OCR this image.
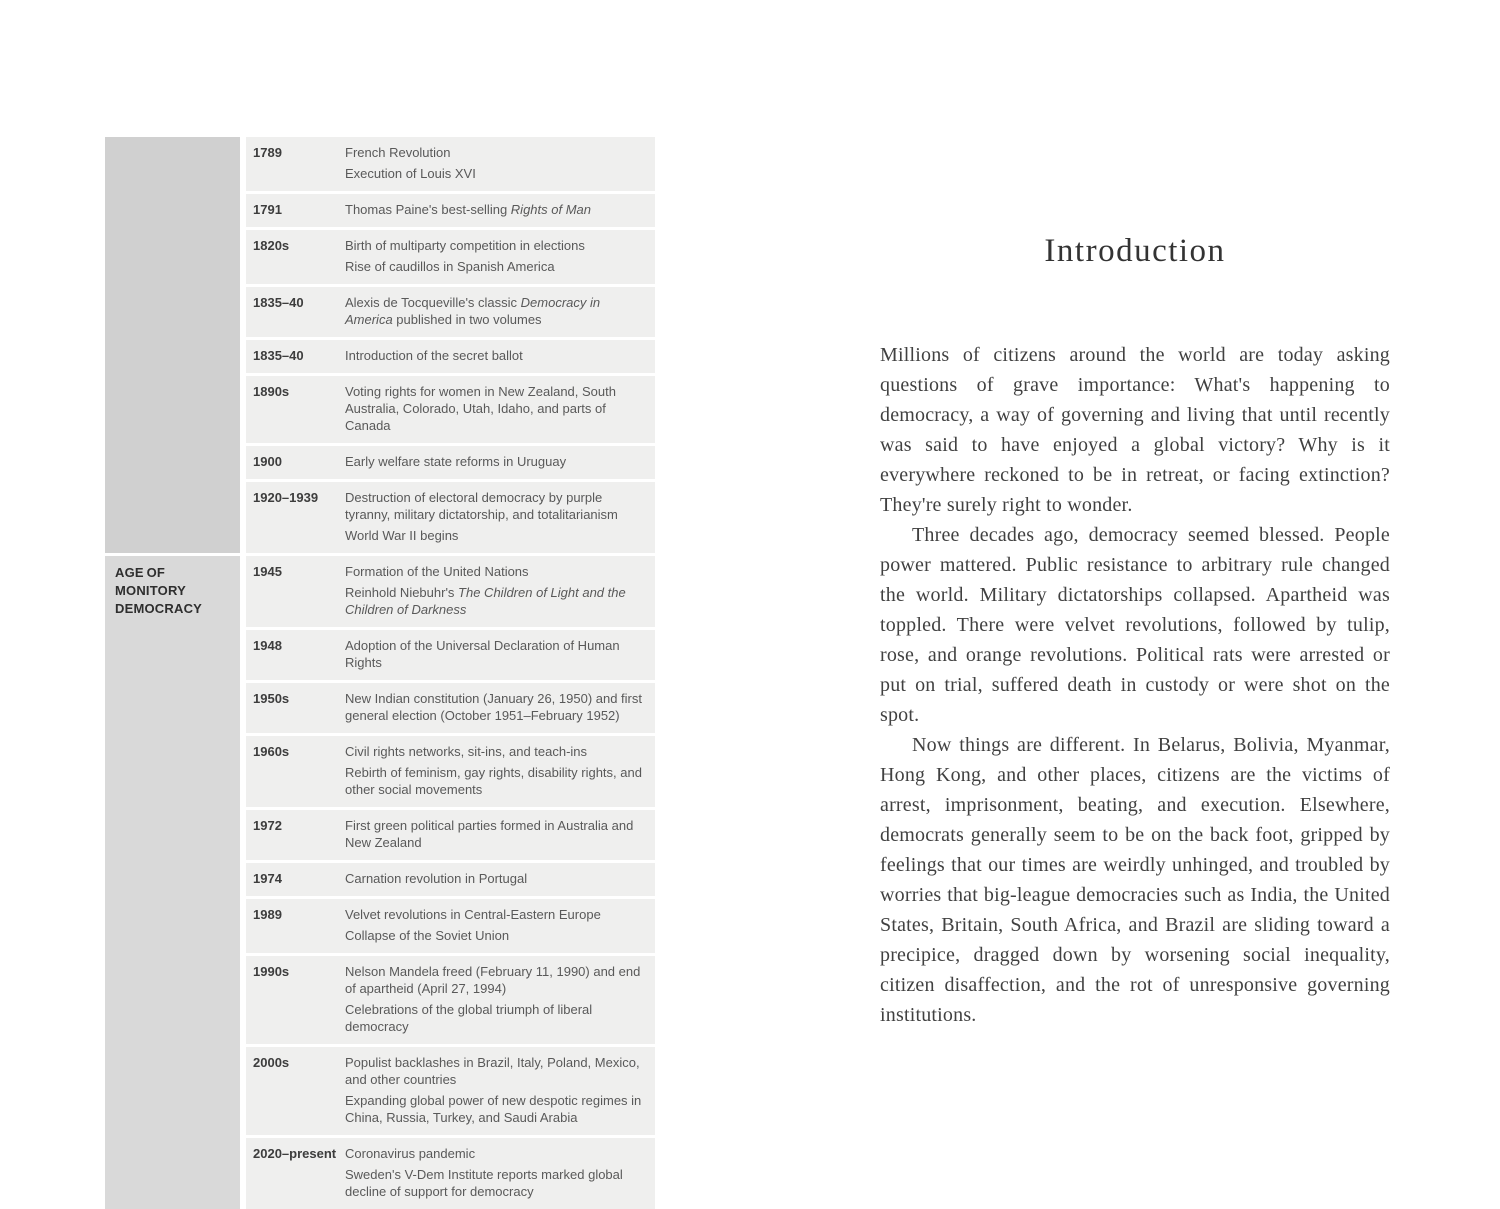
AGE OF MONITORY DEMOCRACY
1789	French Revolution

Execution of Louis XVI

1791	Thomas Paine's best-selling Rights of Man

1820s	Birth of multiparty competition in elections

Rise of caudillos in Spanish America

1835–40	Alexis de Tocqueville's classic Democracy in America published in two volumes

1835–40	Introduction of the secret ballot

1890s	Voting rights for women in New Zealand, South Australia, Colorado, Utah, Idaho, and parts of Canada

1900	Early welfare state reforms in Uruguay

1920–1939	Destruction of electoral democracy by purple tyranny, military dictatorship, and totalitarianism

World War II begins

1945	Formation of the United Nations

Reinhold Niebuhr's The Children of Light and the Children of Darkness

1948	Adoption of the Universal Declaration of Human Rights

1950s	New Indian constitution (January 26, 1950) and first general election (October 1951–February 1952)

1960s	Civil rights networks, sit-ins, and teach-ins

Rebirth of feminism, gay rights, disability rights, and other social movements

1972	First green political parties formed in Australia and New Zealand

1974	Carnation revolution in Portugal

1989	Velvet revolutions in Central-Eastern Europe

Collapse of the Soviet Union

1990s	Nelson Mandela freed (February 11, 1990) and end of apartheid (April 27, 1994)

Celebrations of the global triumph of liberal democracy

2000s	Populist backlashes in Brazil, Italy, Poland, Mexico, and other countries

Expanding global power of new despotic regimes in China, Russia, Turkey, and Saudi Arabia

2020–present Coronavirus pandemic

Sweden's V-Dem Institute reports marked global decline of support for democracy

Introduction

Millions of citizens around the world are today asking questions of grave importance: What's happening to democracy, a way of governing and living that until recently was said to have enjoyed a global victory? Why is it everywhere reckoned to be in retreat, or facing extinction? They're surely right to wonder.

Three decades ago, democracy seemed blessed. People power mattered. Public resistance to arbitrary rule changed the world. Military dictatorships collapsed. Apartheid was toppled. There were velvet revolutions, followed by tulip, rose, and orange revolutions. Political rats were arrested or put on trial, suffered death in custody or were shot on the spot.

Now things are different. In Belarus, Bolivia, Myanmar, Hong Kong, and other places, citizens are the victims of arrest, imprisonment, beating, and execution. Elsewhere, democrats generally seem to be on the back foot, gripped by feelings that our times are weirdly unhinged, and troubled by worries that big-league democracies such as India, the United States, Britain, South Africa, and Brazil are sliding toward a precipice, dragged down by worsening social inequality, citizen disaffection, and the rot of unresponsive governing institutions.
